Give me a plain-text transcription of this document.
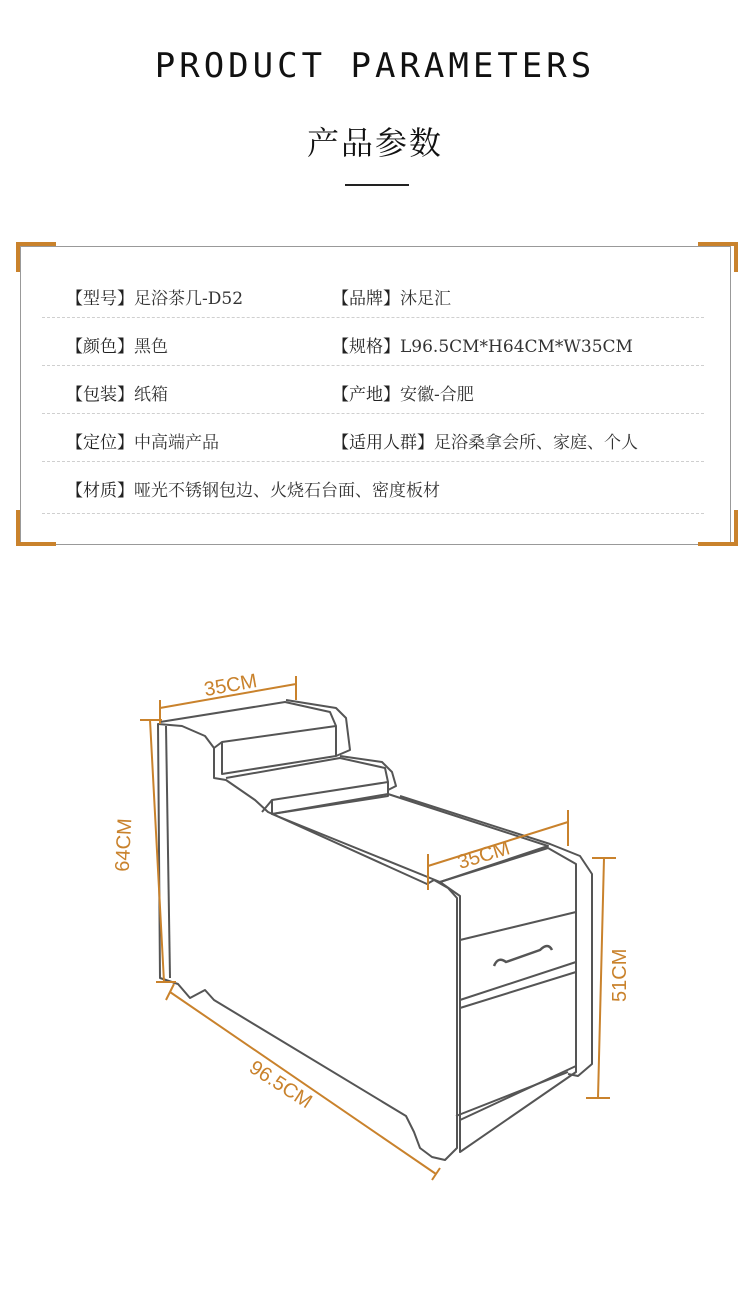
PRODUCT PARAMETERS
产品参数
【型号】足浴茶几-D52	【品牌】沐足汇
【颜色】黑色	【规格】L96.5CM*H64CM*W35CM
【包装】纸箱	【产地】安徽-合肥
【定位】中高端产品	【适用人群】足浴桑拿会所、家庭、个人
【材质】哑光不锈钢包边、火烧石台面、密度板材
35CM
35CM
64CM
51CM
96.5CM
